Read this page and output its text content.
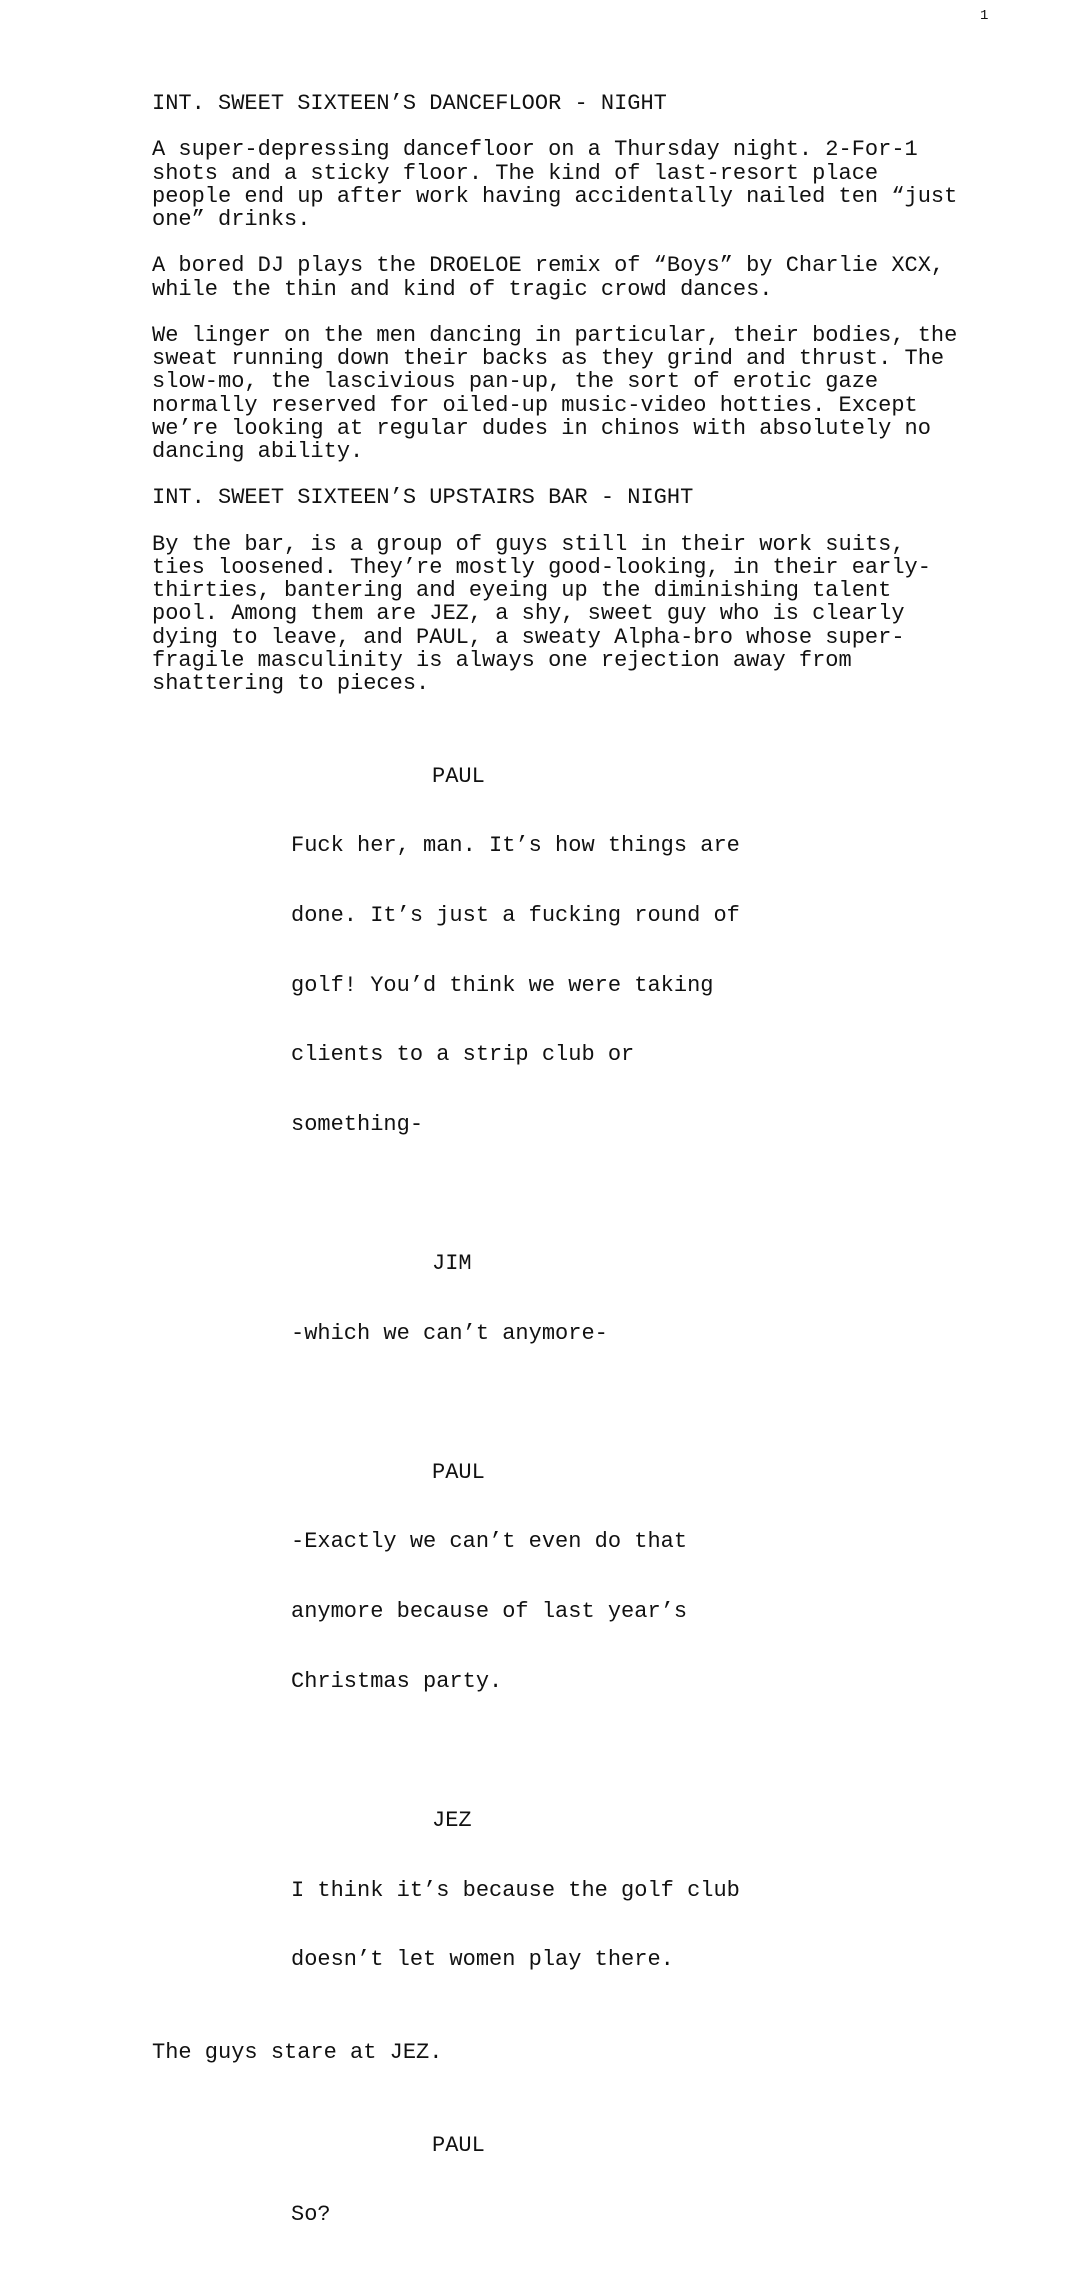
1

INT. SWEET SIXTEEN’S DANCEFLOOR - NIGHT

A super-depressing dancefloor on a Thursday night. 2-For-1
shots and a sticky floor. The kind of last-resort place
people end up after work having accidentally nailed ten “just
one” drinks.

A bored DJ plays the DROELOE remix of “Boys” by Charlie XCX,
while the thin and kind of tragic crowd dances.

We linger on the men dancing in particular, their bodies, the
sweat running down their backs as they grind and thrust. The
slow-mo, the lascivious pan-up, the sort of erotic gaze
normally reserved for oiled-up music-video hotties. Except
we’re looking at regular dudes in chinos with absolutely no
dancing ability.

INT. SWEET SIXTEEN’S UPSTAIRS BAR - NIGHT

By the bar, is a group of guys still in their work suits,
ties loosened. They’re mostly good-looking, in their early-
thirties, bantering and eyeing up the diminishing talent
pool. Among them are JEZ, a shy, sweet guy who is clearly
dying to leave, and PAUL, a sweaty Alpha-bro whose super-
fragile masculinity is always one rejection away from
shattering to pieces.

PAUL

Fuck her, man. It’s how things are

done. It’s just a fucking round of

golf! You’d think we were taking

clients to a strip club or

something-

JIM

-which we can’t anymore-

PAUL

-Exactly we can’t even do that

anymore because of last year’s

Christmas party.

JEZ

I think it’s because the golf club

doesn’t let women play there.

The guys stare at JEZ.

PAUL

So?
